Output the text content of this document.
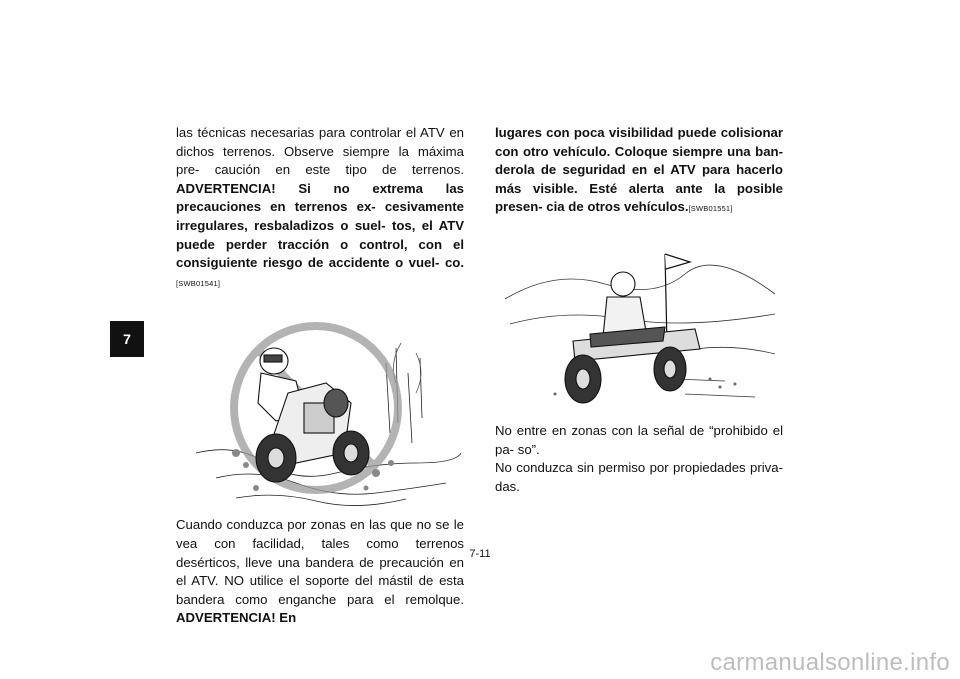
7

las técnicas necesarias para controlar el ATV en dichos terrenos. Observe siempre la máxima pre- caución en este tipo de terrenos. ADVERTENCIA! Si no extrema las precauciones en terrenos ex- cesivamente irregulares, resbaladizos o suel- tos, el ATV puede perder tracción o control, con el consiguiente riesgo de accidente o vuel- co.[SWB01541]

Cuando conduzca por zonas en las que no se le vea con facilidad, tales como terrenos desérticos, lleve una bandera de precaución en el ATV. NO utilice el soporte del mástil de esta bandera como enganche para el remolque. ADVERTENCIA! En

lugares con poca visibilidad puede colisionar con otro vehículo. Coloque siempre una ban- derola de seguridad en el ATV para hacerlo más visible. Esté alerta ante la posible presen- cia de otros vehículos.[SWB01551]

No entre en zonas con la señal de “prohibido el pa- so”.

No conduzca sin permiso por propiedades priva- das.

7-11
carmanualsonline.info
